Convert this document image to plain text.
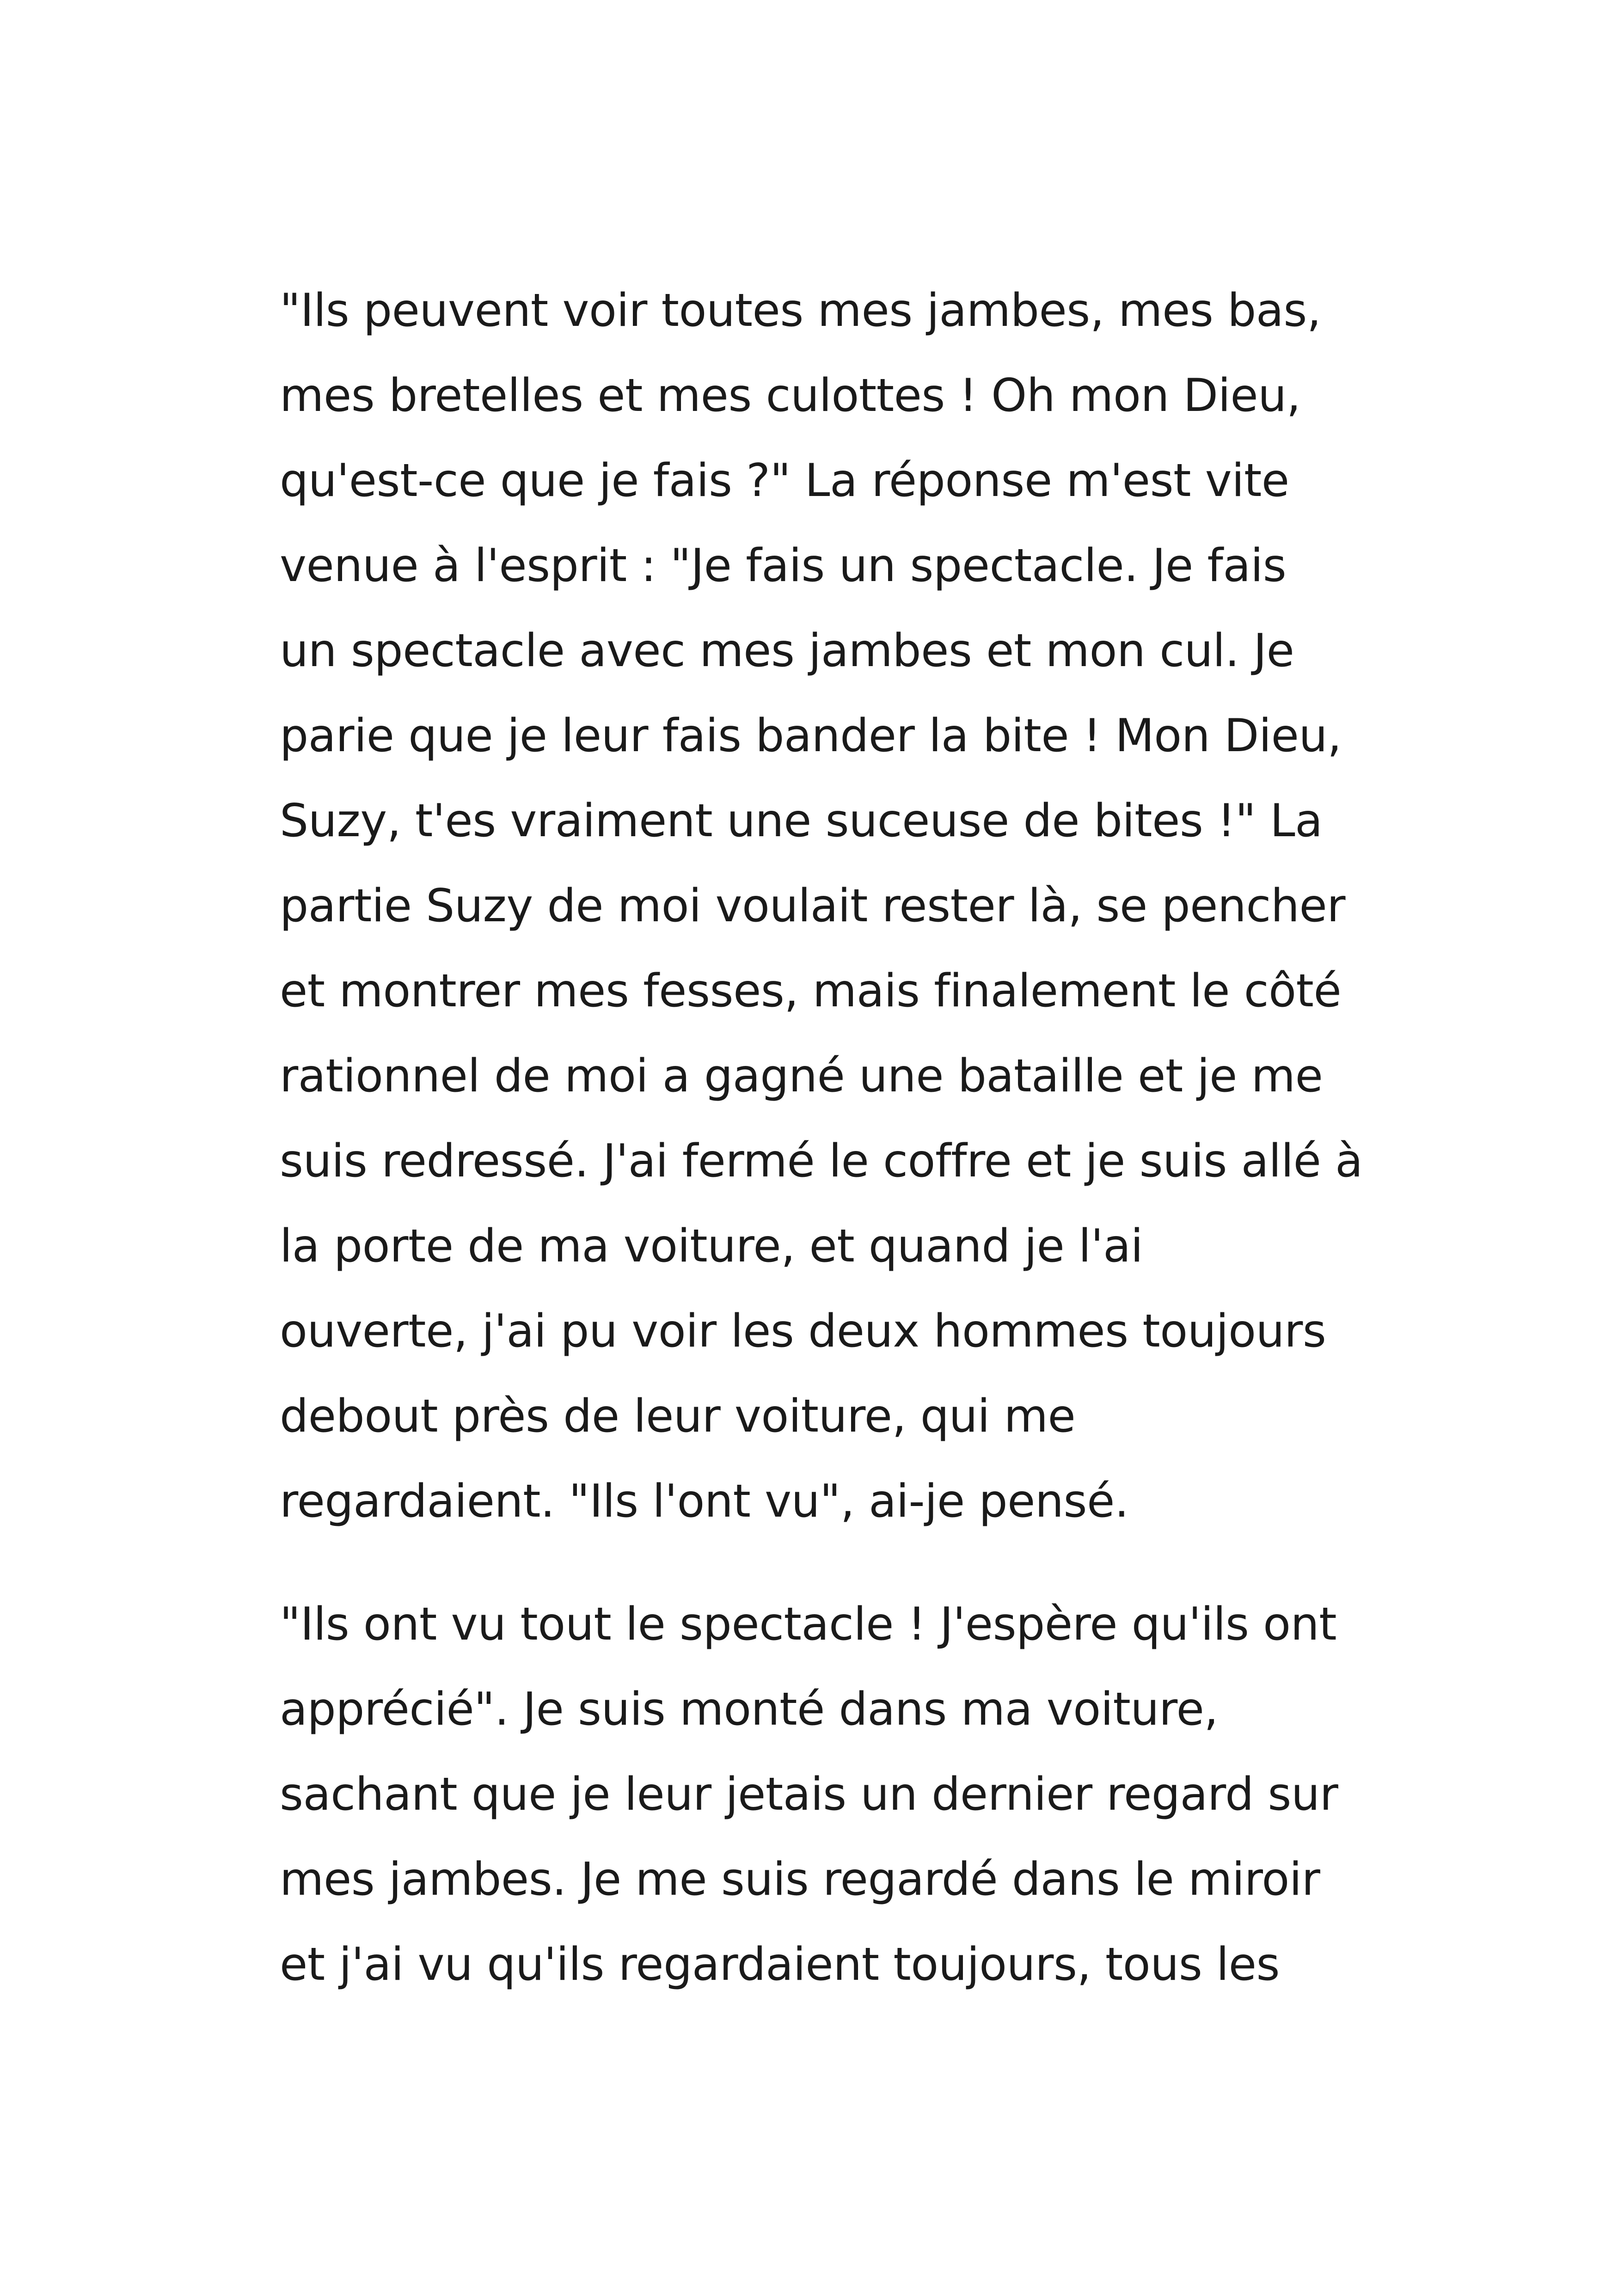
"Ils peuvent voir toutes mes jambes, mes bas,
mes bretelles et mes culottes ! Oh mon Dieu,
qu'est-ce que je fais ?" La réponse m'est vite
venue à l'esprit : "Je fais un spectacle. Je fais
un spectacle avec mes jambes et mon cul. Je
parie que je leur fais bander la bite ! Mon Dieu,
Suzy, t'es vraiment une suceuse de bites !" La
partie Suzy de moi voulait rester là, se pencher
et montrer mes fesses, mais finalement le côté
rationnel de moi a gagné une bataille et je me
suis redressé. J'ai fermé le coffre et je suis allé à
la porte de ma voiture, et quand je l'ai
ouverte, j'ai pu voir les deux hommes toujours
debout près de leur voiture, qui me
regardaient. "Ils l'ont vu", ai-je pensé.

"Ils ont vu tout le spectacle ! J'espère qu'ils ont
apprécié". Je suis monté dans ma voiture,
sachant que je leur jetais un dernier regard sur
mes jambes. Je me suis regardé dans le miroir
et j'ai vu qu'ils regardaient toujours, tous les
